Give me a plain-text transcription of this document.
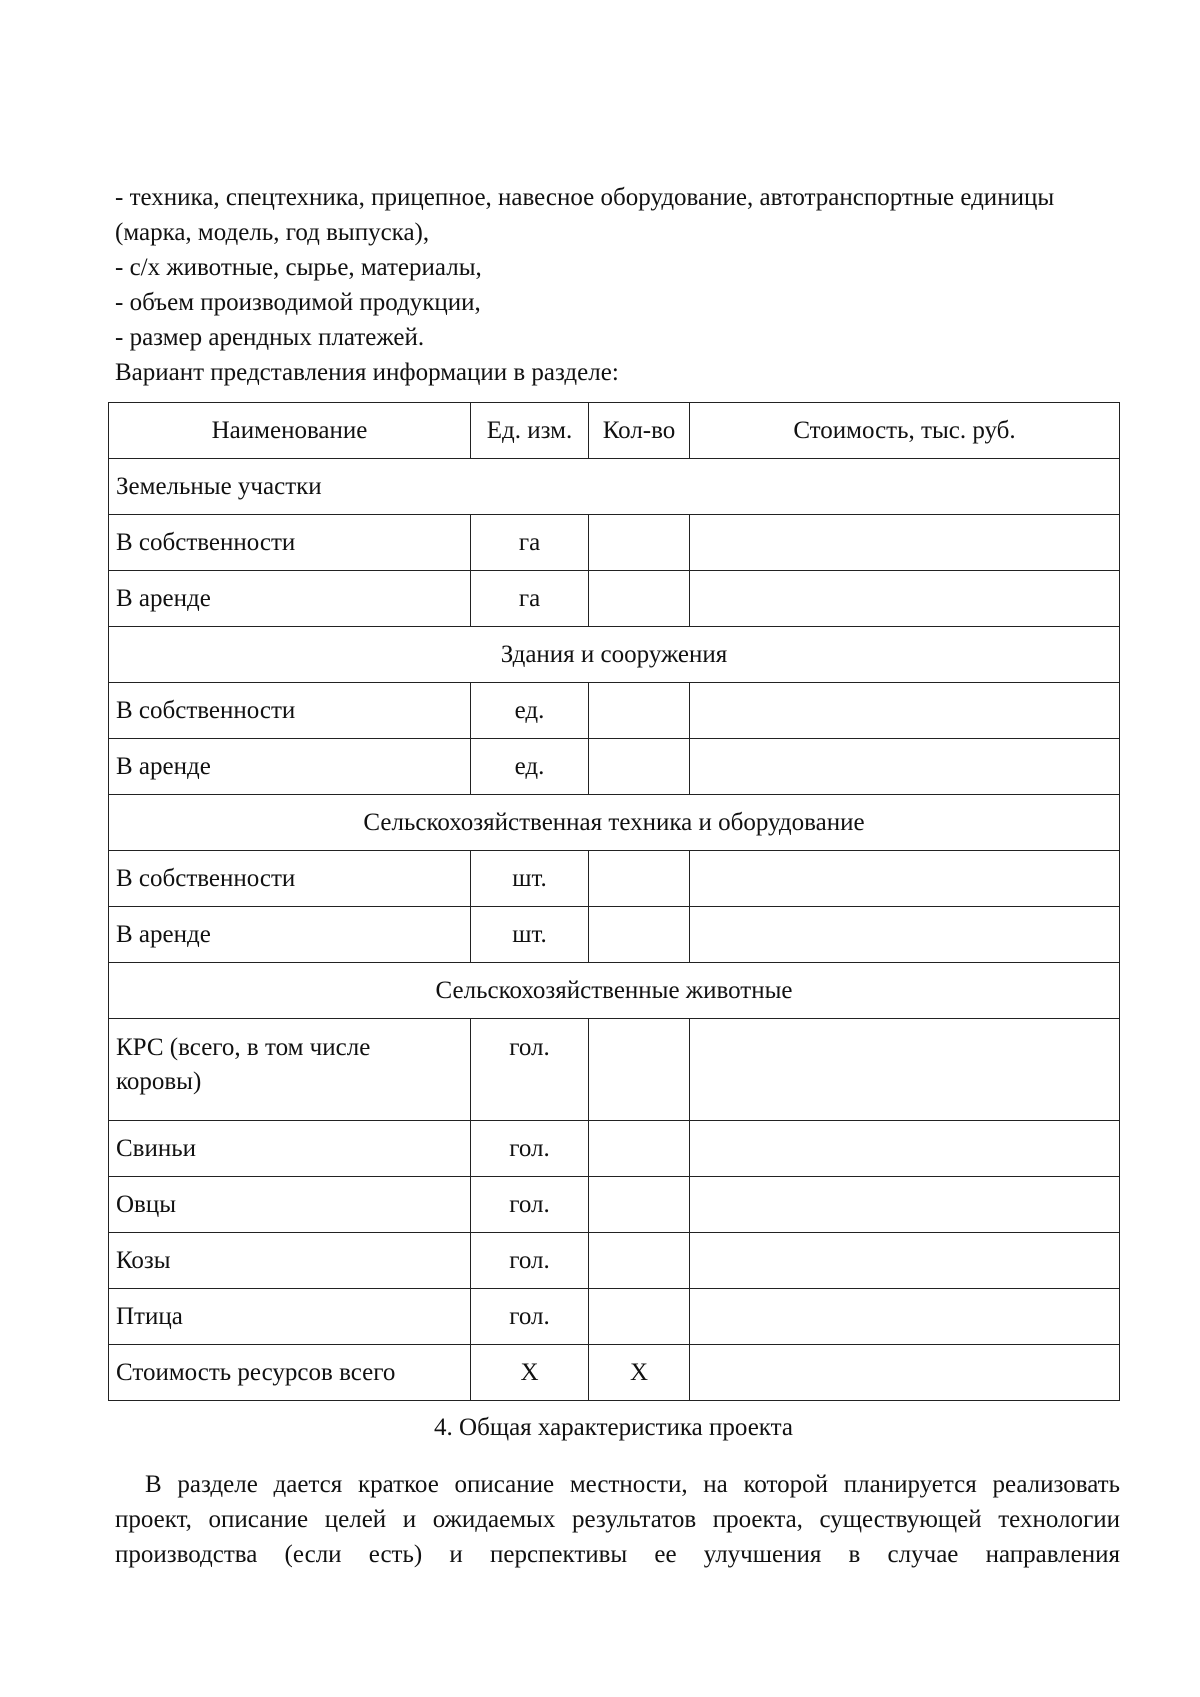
- техника, спецтехника, прицепное, навесное оборудование, автотранспортные единицы
(марка, модель, год выпуска),
- с/х животные, сырье, материалы,
- объем производимой продукции,
- размер арендных платежей.
Вариант представления информации в разделе:
Наименование	Ед. изм.	Кол-во	Стоимость, тыс. руб.
Земельные участки			
В собственности	га		
В аренде	га		
Здания и сооружения			
В собственности	ед.		
В аренде	ед.		
Сельскохозяйственная техника и оборудование			
В собственности	шт.		
В аренде	шт.		
Сельскохозяйственные животные			

КРС (всего, в том числе
коровы)	гол.		
Свиньи	гол.		
Овцы	гол.		
Козы	гол.		
Птица	гол.		
Стоимость ресурсов всего	Х	Х	
4. Общая характеристика проекта
В разделе дается краткое описание местности, на которой планируется реализовать
проект, описание целей и ожидаемых результатов проекта, существующей технологии
производства (если есть) и перспективы ее улучшения в случае направления
